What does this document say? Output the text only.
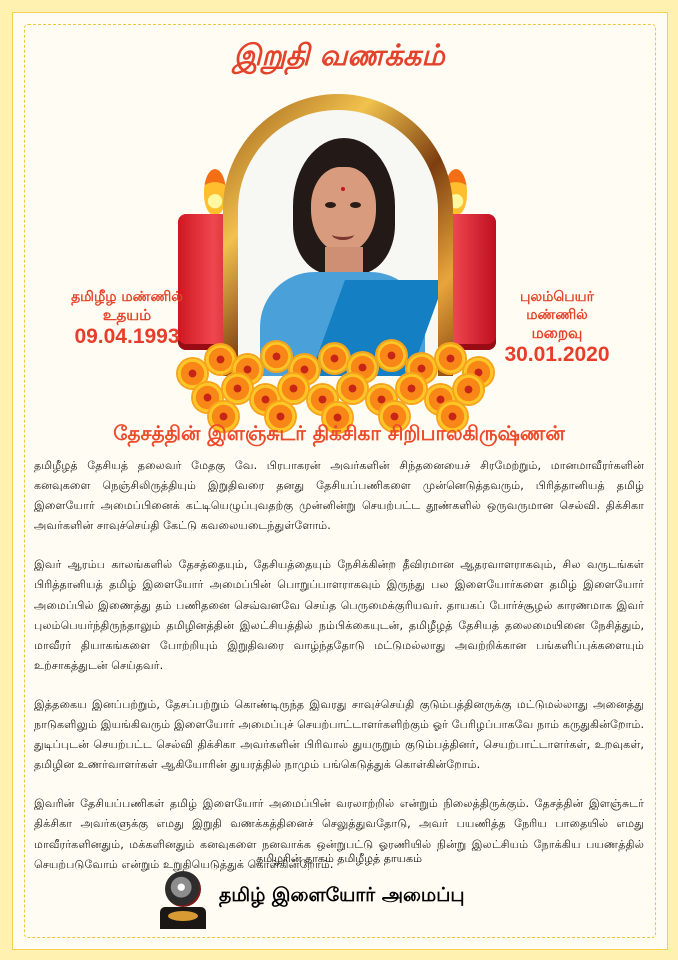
இறுதி வணக்கம்
தமிழீழ மண்ணில்
உதயம்
09.04.1993
புலம்பெயர் மண்ணில்
மறைவு
30.01.2020
தேசத்தின் இளஞ்சுடர் திக்சிகா சிறிபாலகிருஷ்ணன்

தமிழீழத் தேசியத் தலைவர் மேதகு வே. பிரபாகரன் அவர்களின் சிந்தனையைச் சிரமேற்றும், மானமாவீரர்களின் கனவுகளை நெஞ்சிலிருத்தியும் இறுதிவரை தனது தேசியப்பணிகளை முன்னெடுத்தவரும், பிரித்தானியத் தமிழ் இளையோர் அமைப்பினைக் கட்டியெழுப்புவதற்கு முன்னின்று செயற்பட்ட தூண்களில் ஒருவருமான செல்வி. திக்சிகா அவர்களின் சாவுச்செய்தி கேட்டு கவலையடைந்துள்ளோம்.

இவர் ஆரம்ப காலங்களில் தேசத்தையும், தேசியத்தையும் நேசிக்கின்ற தீவிரமான ஆதரவாளராகவும், சில வருடங்கள் பிரித்தானியத் தமிழ் இளையோர் அமைப்பின் பொறுப்பாளராகவும் இருந்து பல இளையோர்களை தமிழ் இளையோர் அமைப்பில் இணைத்து தம் பணிதனை செவ்வனவே செய்த பெருமைக்குரியவர். தாயகப் போர்ச்சூழல் காரணமாக இவர் புலம்பெயர்ந்திருந்தாலும் தமிழினத்தின் இலட்சியத்தில் நம்பிக்கையுடன், தமிழீழத் தேசியத் தலைமையினை நேசித்தும், மாவீரர் தியாகங்களை போற்றியும் இறுதிவரை வாழ்ந்ததோடு மட்டுமல்லாது அவற்றிக்கான பங்களிப்புக்களையும் உற்சாகத்துடன் செய்தவர்.

இத்தகைய இனப்பற்றும், தேசப்பற்றும் கொண்டிருந்த இவரது சாவுச்செய்தி குடும்பத்தினருக்கு மட்டுமல்லாது அனைத்து நாடுகளிலும் இயங்கிவரும் இளையோர் அமைப்புச் செயற்பாட்டாளர்களிற்கும் ஓர் பேரிழப்பாகவே நாம் கருதுகின்றோம். துடிப்புடன் செயற்பட்ட செல்வி திக்சிகா அவர்களின் பிரிவால் துயருறும் குடும்பத்தினர், செயற்பாட்டாளர்கள், உறவுகள், தமிழின உணர்வாளர்கள் ஆகியோரின் துயரத்தில் நாமும் பங்கெடுத்துக் கொள்கின்றோம்.

இவரின் தேசியப்பணிகள் தமிழ் இளையோர் அமைப்பின் வரலாற்றில் என்றும் நிலைத்திருக்கும். தேசத்தின் இளஞ்சுடர் திக்சிகா அவர்களுக்கு எமது இறுதி வணக்கத்தினைச் செலுத்துவதோடு, அவர் பயணித்த நேரிய பாதையில் எமது மாவீரர்களினதும், மக்களினதும் கனவுகளை நனவாக்க ஒன்றுபட்டு ஓரணியில் நின்று இலட்சியம் நோக்கிய பயணத்தில் செயற்படுவோம் என்றும் உறுதியெடுத்துக் கொள்கின்றோம்.

தமிழரின் தாகம் தமிழீழத் தாயகம்
தமிழ் இளையோர் அமைப்பு
